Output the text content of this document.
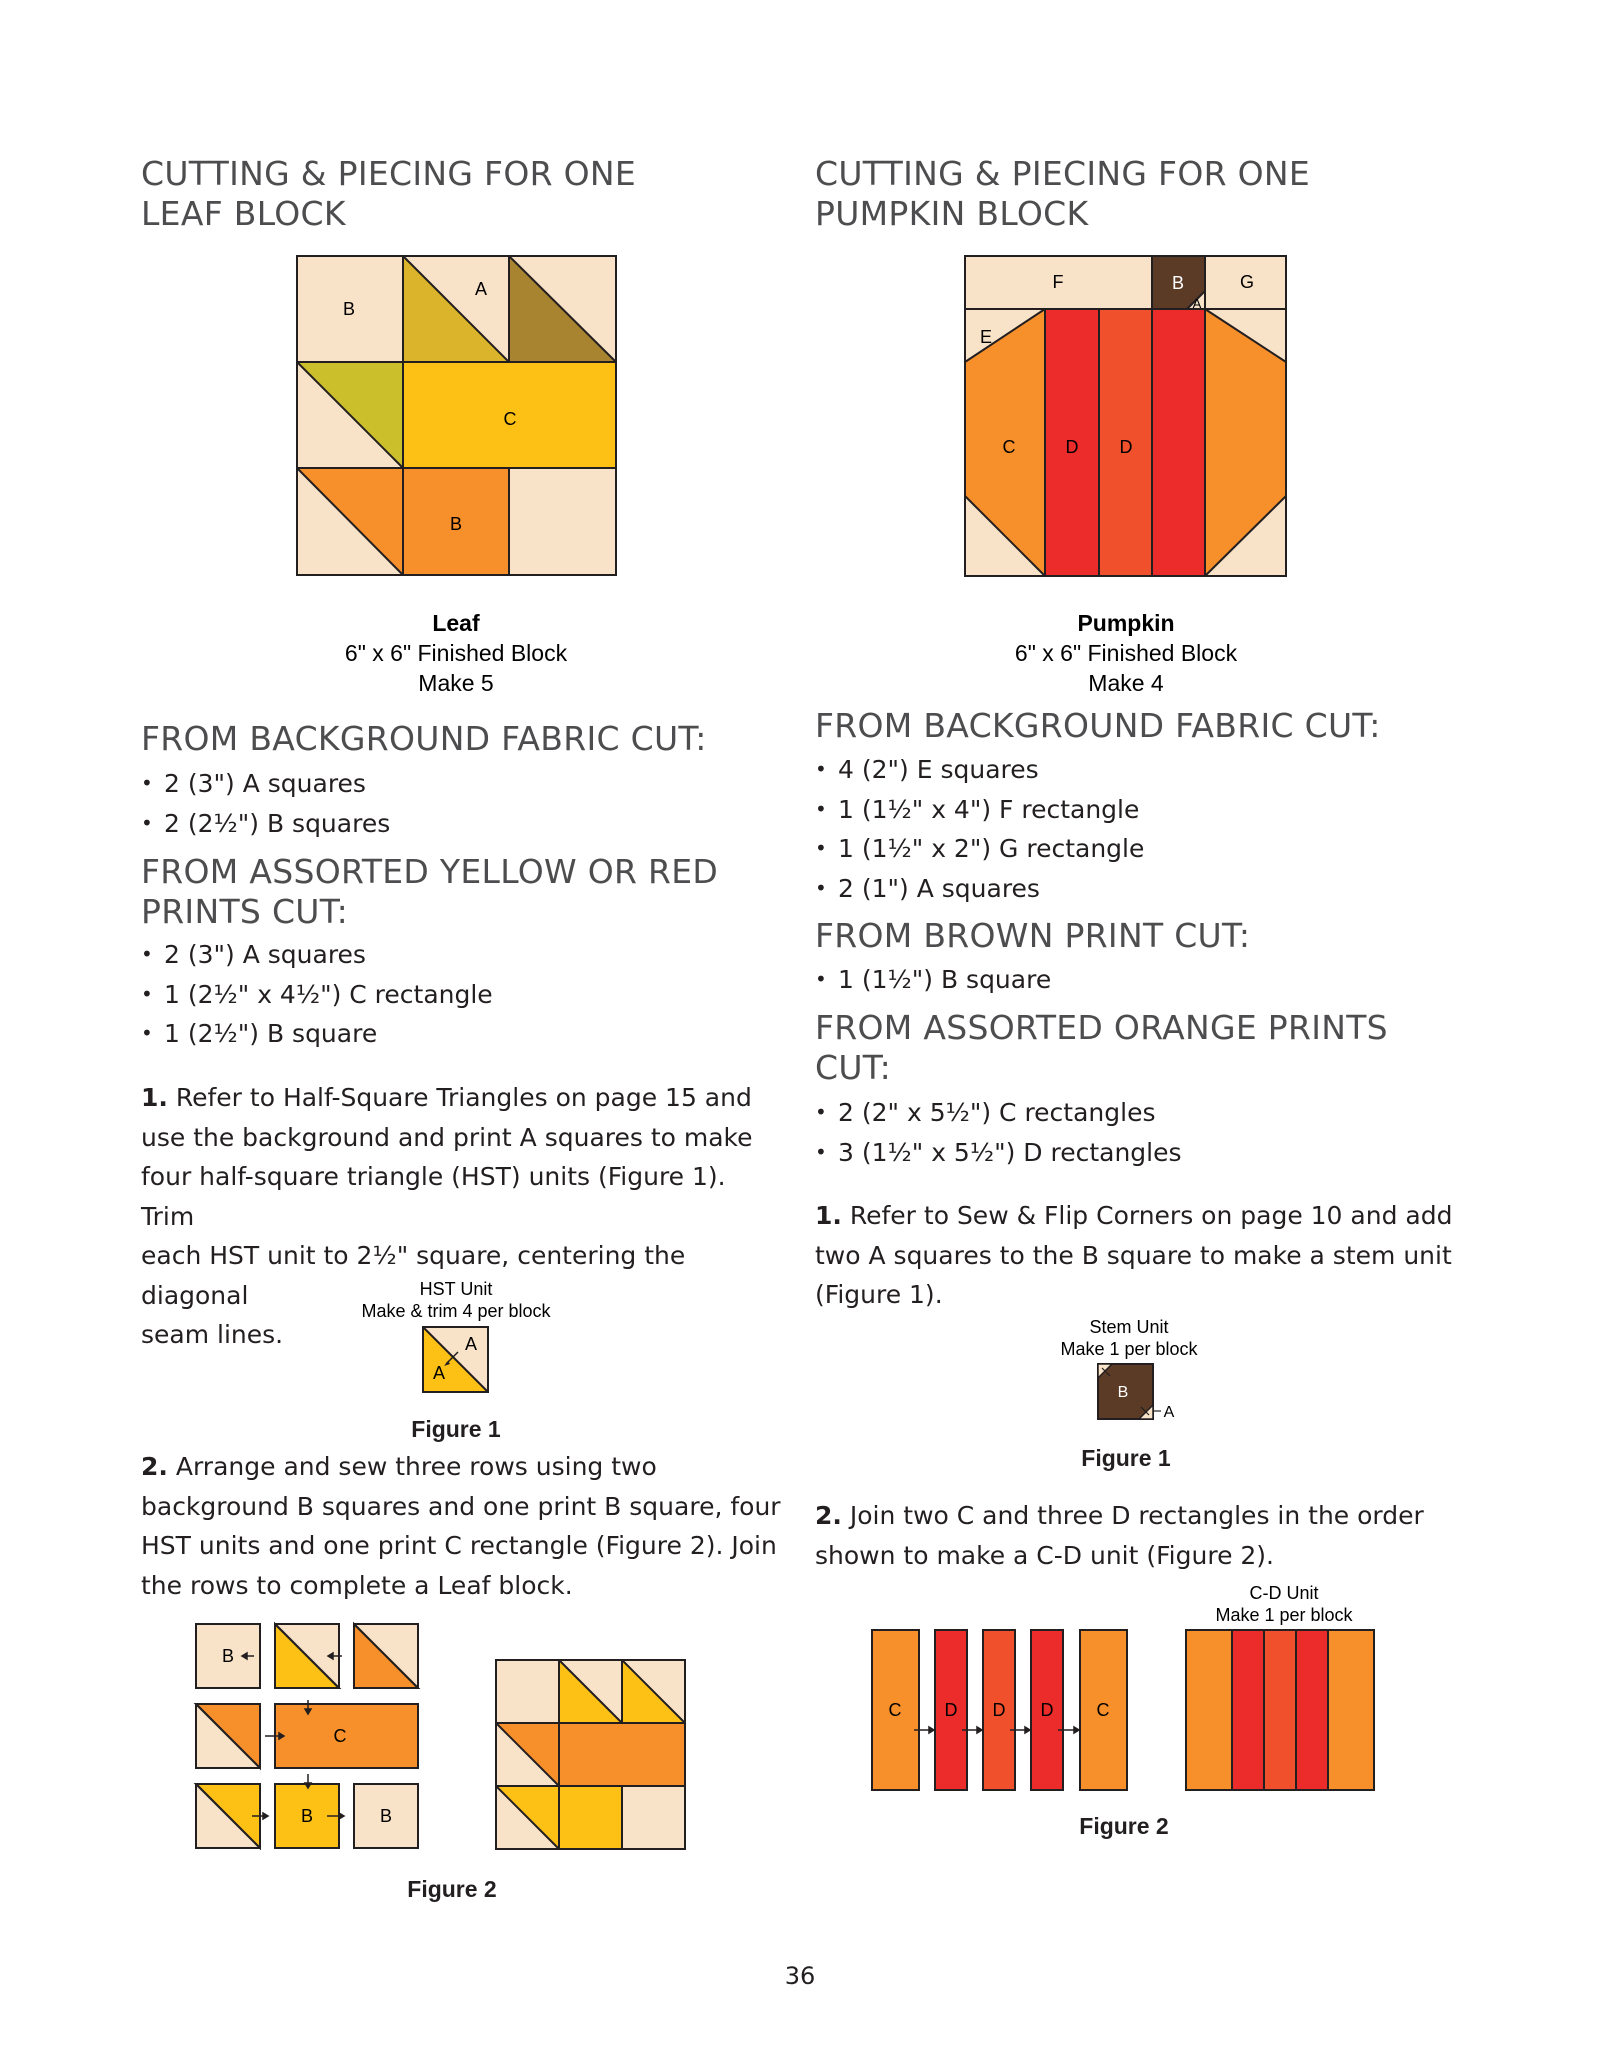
CUTTING & PIECING FOR ONE
LEAF BLOCK
B
A
C
B
Leaf
6" x 6" Finished Block
Make 5
FROM BACKGROUND FABRIC CUT:
• 2 (3") A squares
• 2 (2½") B squares
FROM ASSORTED YELLOW OR RED
PRINTS CUT:
• 2 (3") A squares
• 1 (2½" x 4½") C rectangle
• 1 (2½") B square
1. Refer to Half-Square Triangles on page 15 and
use the background and print A squares to make
four half-square triangle (HST) units (Figure 1). Trim
each HST unit to 2½" square, centering the diagonal
seam lines.
HST Unit
Make & trim 4 per block
A
A
Figure 1
2. Arrange and sew three rows using two
background B squares and one print B square, four
HST units and one print C rectangle (Figure 2). Join
the rows to complete a Leaf block.
B
C
B	B
Figure 2
CUTTING & PIECING FOR ONE
PUMPKIN BLOCK
F	B	G
A
E
C	D D
Pumpkin
6" x 6" Finished Block
Make 4
FROM BACKGROUND FABRIC CUT:
• 4 (2") E squares
• 1 (1½" x 4") F rectangle
• 1 (1½" x 2") G rectangle
• 2 (1") A squares
FROM BROWN PRINT CUT:
• 1 (1½") B square
FROM ASSORTED ORANGE PRINTS
CUT:
• 2 (2" x 5½") C rectangles
• 3 (1½" x 5½") D rectangles
1. Refer to Sew & Flip Corners on page 10 and add
two A squares to the B square to make a stem unit
(Figure 1).
Stem Unit
Make 1 per block
B
A
Figure 1
2. Join two C and three D rectangles in the order
shown to make a C-D unit (Figure 2).
C-D Unit
Make 1 per block
C D D D C
Figure 2
36
